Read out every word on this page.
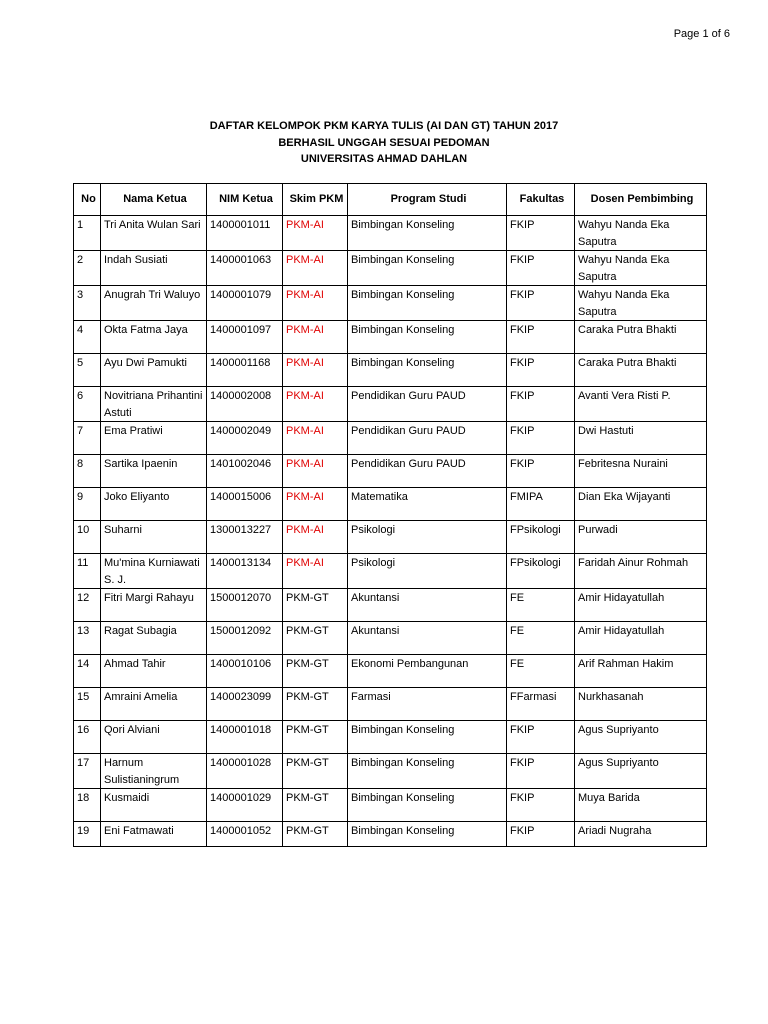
Page 1 of 6
DAFTAR KELOMPOK PKM KARYA TULIS (AI DAN GT) TAHUN 2017
BERHASIL UNGGAH SESUAI PEDOMAN
UNIVERSITAS AHMAD DAHLAN
No	Nama Ketua	NIM Ketua	Skim PKM	Program Studi	Fakultas	Dosen Pembimbing
1	Tri Anita Wulan Sari	1400001011	PKM-AI	Bimbingan Konseling	FKIP	Wahyu Nanda Eka Saputra
2	Indah Susiati	1400001063	PKM-AI	Bimbingan Konseling	FKIP	Wahyu Nanda Eka Saputra
3	Anugrah Tri Waluyo	1400001079	PKM-AI	Bimbingan Konseling	FKIP	Wahyu Nanda Eka Saputra
4	Okta Fatma Jaya	1400001097	PKM-AI	Bimbingan Konseling	FKIP	Caraka Putra Bhakti
5	Ayu Dwi Pamukti	1400001168	PKM-AI	Bimbingan Konseling	FKIP	Caraka Putra Bhakti
6	Novitriana Prihantini Astuti	1400002008	PKM-AI	Pendidikan Guru PAUD	FKIP	Avanti Vera Risti P.
7	Ema Pratiwi	1400002049	PKM-AI	Pendidikan Guru PAUD	FKIP	Dwi Hastuti
8	Sartika Ipaenin	1401002046	PKM-AI	Pendidikan Guru PAUD	FKIP	Febritesna Nuraini
9	Joko Eliyanto	1400015006	PKM-AI	Matematika	FMIPA	Dian Eka Wijayanti
10	Suharni	1300013227	PKM-AI	Psikologi	FPsikologi	Purwadi
11	Mu'mina Kurniawati S. J.	1400013134	PKM-AI	Psikologi	FPsikologi	Faridah Ainur Rohmah
12	Fitri Margi Rahayu	1500012070	PKM-GT	Akuntansi	FE	Amir Hidayatullah
13	Ragat Subagia	1500012092	PKM-GT	Akuntansi	FE	Amir Hidayatullah
14	Ahmad Tahir	1400010106	PKM-GT	Ekonomi Pembangunan	FE	Arif Rahman Hakim
15	Amraini Amelia	1400023099	PKM-GT	Farmasi	FFarmasi	Nurkhasanah
16	Qori Alviani	1400001018	PKM-GT	Bimbingan Konseling	FKIP	Agus Supriyanto
17	Harnum Sulistianingrum	1400001028	PKM-GT	Bimbingan Konseling	FKIP	Agus Supriyanto
18	Kusmaidi	1400001029	PKM-GT	Bimbingan Konseling	FKIP	Muya Barida
19	Eni Fatmawati	1400001052	PKM-GT	Bimbingan Konseling	FKIP	Ariadi Nugraha
